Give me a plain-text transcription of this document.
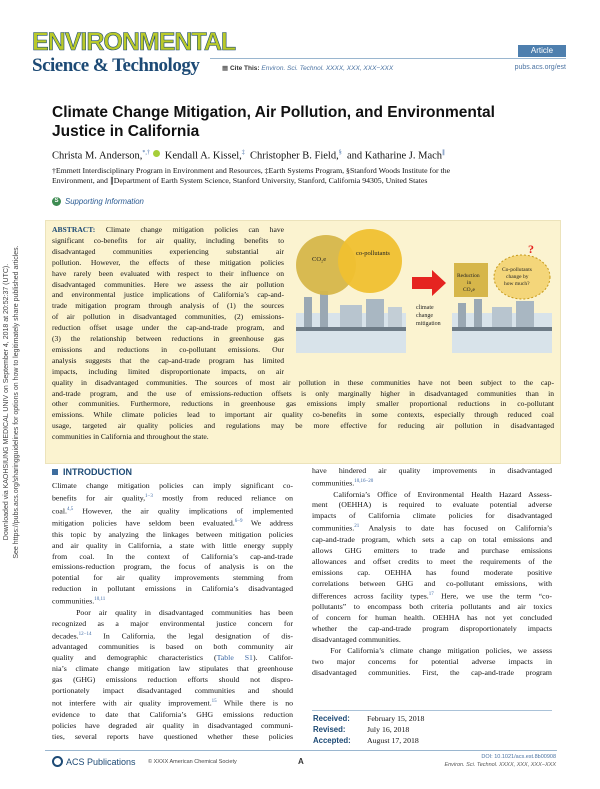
ENVIRONMENTAL
Science & Technology
Article
▦ Cite This: Environ. Sci. Technol. XXXX, XXX, XXX−XXX	pubs.acs.org/est
Climate Change Mitigation, Air Pollution, and Environmental Justice in California
Christa M. Anderson,*,† Kendall A. Kissel,‡ Christopher B. Field,§ and Katharine J. Mach∥
†Emmett Interdisciplinary Program in Environment and Resources, ‡Earth Systems Program, §Stanford Woods Institute for the
Environment, and ∥Department of Earth System Science, Stanford University, Stanford, California 94305, United States
S Supporting Information
ABSTRACT: Climate change mitigation policies can have
significant co-benefits for air quality, including benefits to
disadvantaged communities experiencing substantial air
pollution. However, the effects of these mitigation policies
have rarely been evaluated with respect to their influence on
disadvantaged communities. Here we assess the air pollution
and environmental justice implications of California’s cap-and-
trade mitigation program through analysis of (1) the sources
of air pollution in disadvantaged communities, (2) emissions-
reduction offset usage under the cap-and-trade program, and
(3) the relationship between reductions in greenhouse gas
emissions and reductions in co-pollutant emissions. Our
analysis suggests that the cap-and-trade program has limited
impacts, including limited disproportionate impacts, on air
quality in disadvantaged communities. The sources of most air pollution in these communities have not been subject to the cap-
and-trade program, and the use of emissions-reduction offsets is only marginally higher in disadvantaged communities than in
other communities. Furthermore, reductions in greenhouse gas emissions imply smaller proportional reductions in co-pollutant
emissions. While climate policies lead to important air quality co-benefits in some contexts, especially through reduced coal
usage, targeted air quality policies and regulations may be more effective for reducing air pollution in disadvantaged
communities in California and throughout the state.
CO₂e
co-pollutants
climate
change
mitigation
Reduction
in
CO₂e
Co-pollutants
change by
how much?
?
INTRODUCTION
Climate change mitigation policies can imply significant co-
benefits for air quality,$^{1-3}$ mostly from reduced reliance on
coal.$^{4,5}$ However, the air quality implications of implemented
mitigation policies have seldom been evaluated.$^{6-9}$ We address
this topic by analyzing the linkages between mitigation policies
and air quality in California, a state with little energy supply
from coal. In the context of California’s cap-and-trade
emissions-reduction program, the focus of analysis is on the
potential for air quality improvements stemming from
reduction in pollutant emissions in California’s disadvantaged
communities.$^{10,11}$
Poor air quality in disadvantaged communities has been
recognized as a major environmental justice concern for
decades.$^{12-14}$ In California, the legal designation of dis-
advantaged communities is based on both community air
quality and demographic characteristics (Table S1). Califor-
nia’s climate change mitigation law stipulates that greenhouse
gas (GHG) emissions reduction efforts should not dispro-
portionately impact disadvantaged communities and should
not interfere with air quality improvement.$^{15}$ While there is no
evidence to date that California’s GHG emissions reduction
policies have degraded air quality in disadvantaged communi-
ties, several reports have questioned whether these policies
have hindered air quality improvements in disadvantaged
communities.$^{10,16-20}$
California’s Office of Environmental Health Hazard Assess-
ment (OEHHA) is required to evaluate potential adverse
impacts of California climate policies for disadvantaged
communities.$^{21}$ Analysis to date has focused on California’s
cap-and-trade program, which sets a cap on total emissions and
allows GHG emitters to trade and purchase emissions
allowances and offset credits to meet the requirements of the
emissions cap. OEHHA has found moderate positive
correlations between GHG and co-pollutant emissions, with
differences across facility types.$^{17}$ Here, we use the term “co-
pollutants” to encompass both criteria pollutants and air toxics
of concern for human health. OEHHA has not yet concluded
whether the cap-and-trade program disproportionately impacts
disadvantaged communities.
For California’s climate change mitigation policies, we assess
two major concerns for potential adverse impacts in
disadvantaged communities. First, the cap-and-trade program
Received: February 15, 2018
Revised:	July 16, 2018
Accepted: August 17, 2018
ACS Publications © XXXX American Chemical Society	A	DOI: 10.1021/acs.est.8b00908
Environ. Sci. Technol. XXXX, XXX, XXX−XXX
Downloaded via KAOHSIUNG MEDICAL UNIV on September 4, 2018 at 20:52:37 (UTC). See https://pubs.acs.org/sharingguidelines for options on how to legitimately share published articles.
